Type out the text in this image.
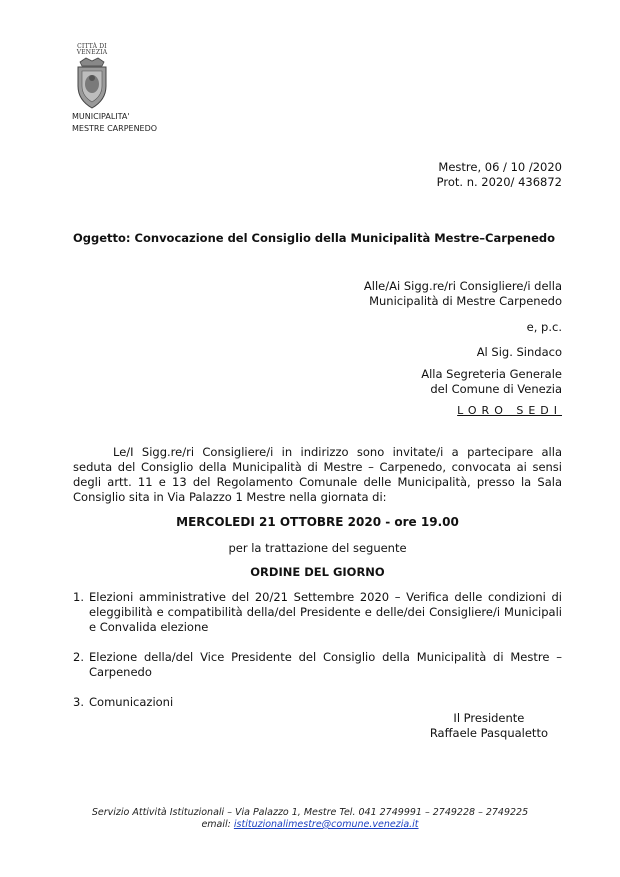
CITTÀ DI
VENEZIA
MUNICIPALITA'
MESTRE CARPENEDO
Mestre, 06 / 10 /2020
Prot. n. 2020/ 436872
Oggetto: Convocazione del Consiglio della Municipalità Mestre–Carpenedo
Alle/Ai Sigg.re/ri Consigliere/i della
Municipalità di Mestre Carpenedo
e, p.c.
Al Sig. Sindaco
Alla Segreteria Generale
del Comune di Venezia
LORO SEDI

Le/I Sigg.re/ri Consigliere/i in indirizzo sono invitate/i a partecipare alla seduta del Consiglio della Municipalità di Mestre – Carpenedo, convocata ai sensi degli artt. 11 e 13 del Regolamento Comunale delle Municipalità, presso la Sala Consiglio sita in Via Palazzo 1 Mestre nella giornata di:

MERCOLEDI 21 OTTOBRE 2020 - ore 19.00
per la trattazione del seguente
ORDINE DEL GIORNO
1. Elezioni amministrative del 20/21 Settembre 2020 – Verifica delle condizioni di eleggibilità e compatibilità della/del Presidente e delle/dei Consigliere/i Municipali e Convalida elezione
2. Elezione della/del Vice Presidente del Consiglio della Municipalità di Mestre – Carpenedo
3. Comunicazioni
Il Presidente
Raffaele Pasqualetto
Servizio Attività Istituzionali – Via Palazzo 1, Mestre Tel. 041 2749991 – 2749228 – 2749225
email: istituzionalimestre@comune.venezia.it
